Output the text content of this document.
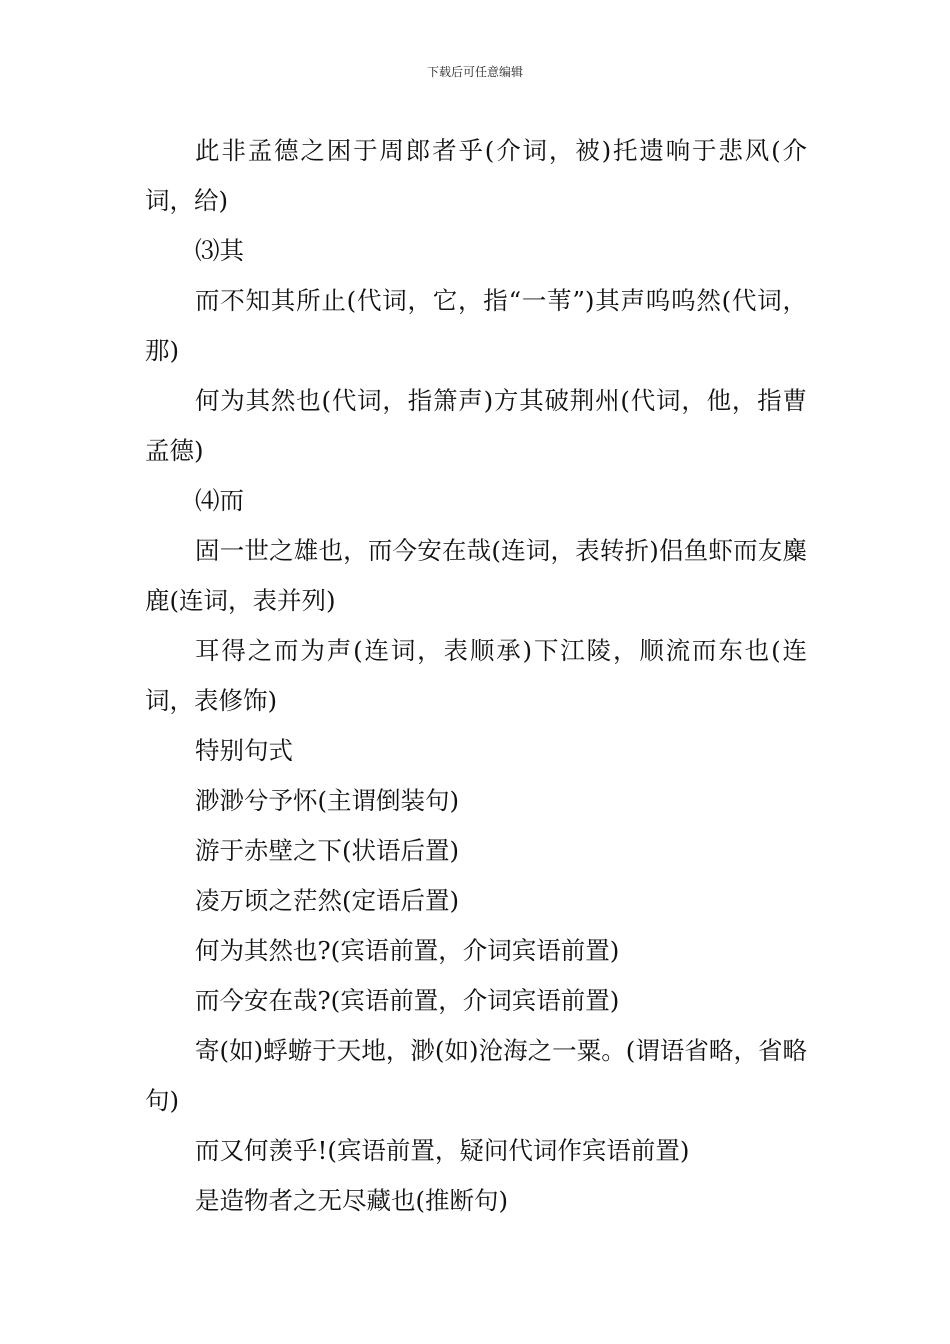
下载后可任意编辑

此非孟德之困于周郎者乎(介词，被)托遗响于悲风(介词，给)

⑶其

而不知其所止(代词，它，指“一苇”)其声呜呜然(代词，那)

何为其然也(代词，指箫声)方其破荆州(代词，他，指曹孟德)

⑷而

固一世之雄也，而今安在哉(连词，表转折)侣鱼虾而友麋鹿(连词，表并列)

耳得之而为声(连词，表顺承)下江陵，顺流而东也(连词，表修饰)

特别句式

渺渺兮予怀(主谓倒装句)

游于赤壁之下(状语后置)

凌万顷之茫然(定语后置)

何为其然也?(宾语前置，介词宾语前置)

而今安在哉?(宾语前置，介词宾语前置)

寄(如)蜉蝣于天地，渺(如)沧海之一粟。(谓语省略，省略句)

而又何羡乎!(宾语前置，疑问代词作宾语前置)

是造物者之无尽藏也(推断句)
